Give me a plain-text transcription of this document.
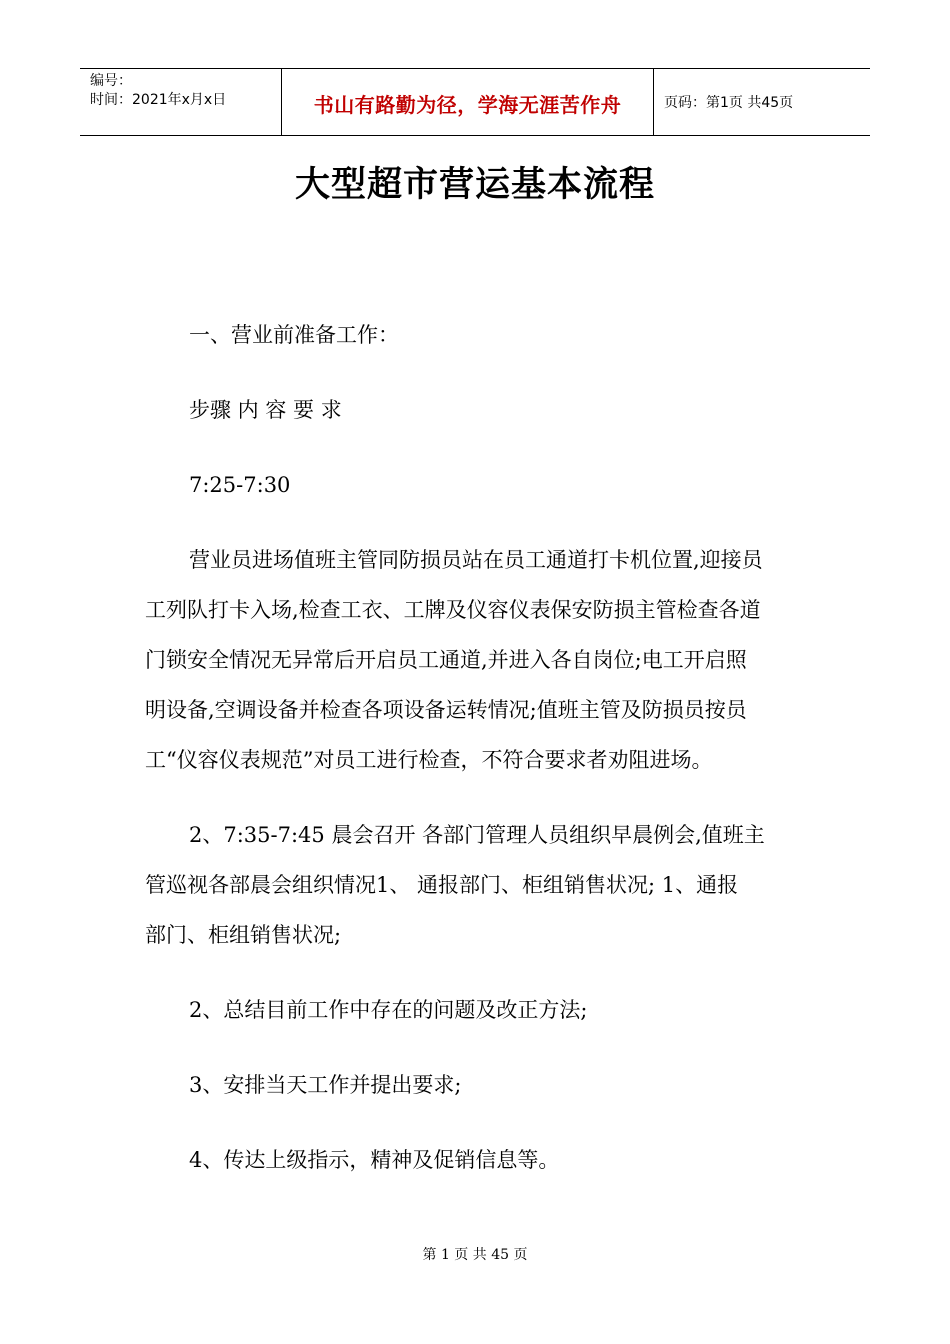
编号：
时间：2021年x月x日	书山有路勤为径，学海无涯苦作舟	页码：第1页 共45页
大型超市营运基本流程

一、营业前准备工作：

步骤 内 容 要 求

7:25-7:30

营业员进场值班主管同防损员站在员工通道打卡机位置,迎接员

工列队打卡入场,检查工衣、工牌及仪容仪表保安防损主管检查各道

门锁安全情况无异常后开启员工通道,并进入各自岗位;电工开启照

明设备,空调设备并检查各项设备运转情况;值班主管及防损员按员

工“仪容仪表规范”对员工进行检查，不符合要求者劝阻进场。

2、7:35-7:45 晨会召开 各部门管理人员组织早晨例会,值班主

管巡视各部晨会组织情况1、 通报部门、柜组销售状况; 1、通报

部门、柜组销售状况;

2、总结目前工作中存在的问题及改正方法;

3、安排当天工作并提出要求;

4、传达上级指示，精神及促销信息等。

第 1 页 共 45 页
